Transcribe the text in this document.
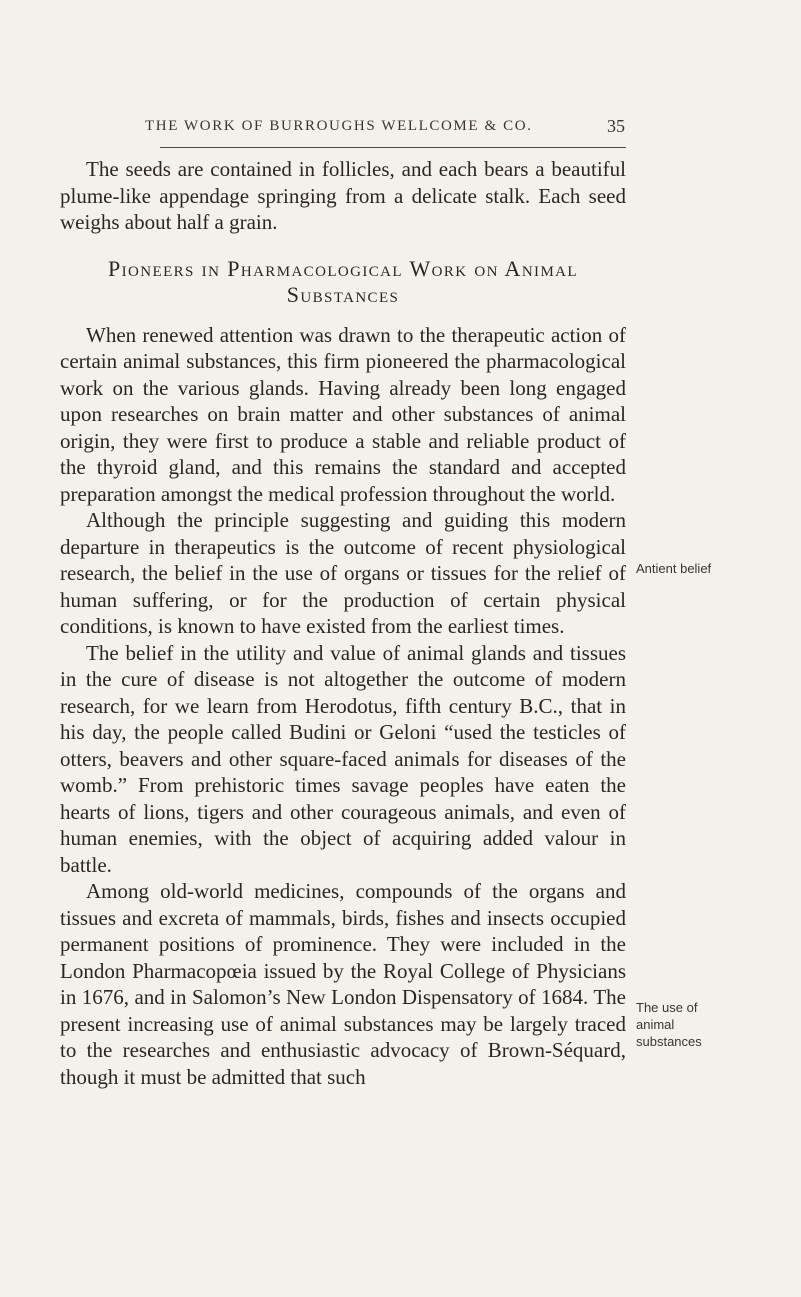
THE WORK OF BURROUGHS WELLCOME & CO.	35

The seeds are contained in follicles, and each bears a beautiful plume-like appendage springing from a delicate stalk. Each seed weighs about half a grain.

Pioneers in Pharmacological Work on Animal
Substances

When renewed attention was drawn to the therapeutic action of certain animal substances, this firm pioneered the pharmacological work on the various glands. Having already been long engaged upon researches on brain matter and other substances of animal origin, they were first to produce a stable and reliable product of the thyroid gland, and this remains the standard and accepted preparation amongst the medical profession throughout the world.

Although the principle suggesting and guiding this modern departure in therapeutics is the outcome of recent physiological research, the belief in the use of organs or tissues for the relief of human suffering, or for the production of certain physical conditions, is known to have existed from the earliest times.

The belief in the utility and value of animal glands and tissues in the cure of disease is not altogether the outcome of modern research, for we learn from Herodotus, fifth century B.C., that in his day, the people called Budini or Geloni “used the testicles of otters, beavers and other square-faced animals for diseases of the womb.” From prehistoric times savage peoples have eaten the hearts of lions, tigers and other courageous animals, and even of human enemies, with the object of acquiring added valour in battle.

Among old-world medicines, compounds of the organs and tissues and excreta of mammals, birds, fishes and insects occupied permanent positions of prominence. They were included in the London Pharmacopœia issued by the Royal College of Physicians in 1676, and in Salomon’s New London Dispensatory of 1684. The present increasing use of animal substances may be largely traced to the researches and enthusiastic advocacy of Brown-Séquard, though it must be admitted that such

Antient belief
The use of
animal
substances
